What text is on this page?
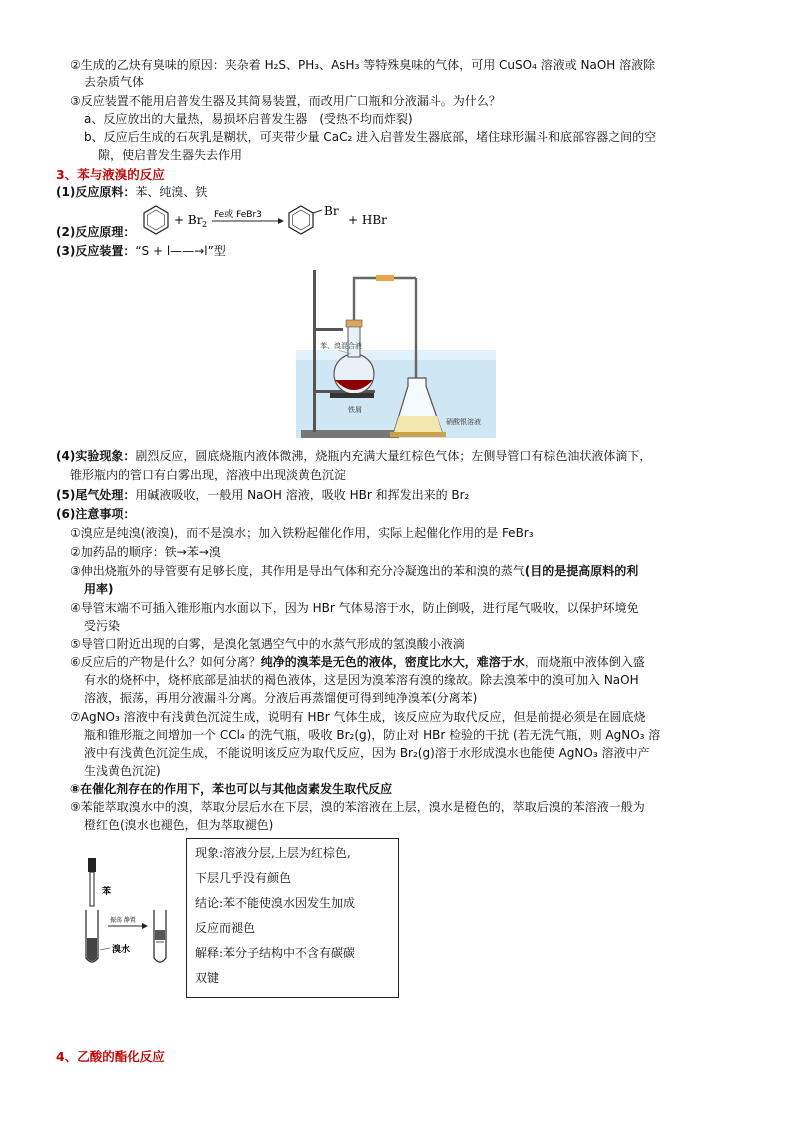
②生成的乙炔有臭味的原因：夹杂着 H₂S、PH₃、AsH₃ 等特殊臭味的气体，可用 CuSO₄ 溶液或 NaOH 溶液除
去杂质气体
③反应装置不能用启普发生器及其简易装置，而改用广口瓶和分液漏斗。为什么？
a、反应放出的大量热，易损坏启普发生器　(受热不均而炸裂)
b、反应后生成的石灰乳是糊状，可夹带少量 CaC₂ 进入启普发生器底部，堵住球形漏斗和底部容器之间的空
隙，使启普发生器失去作用
3、苯与液溴的反应
(1)反应原料：苯、纯溴、铁
(2)反应原理：
+ Br 2
Fe或 FeBr3	Br
+ HBr
(3)反应装置：“S + l——→l”型
苯、溴混合液
铁屑
硝酸银溶液
(4)实验现象：剧烈反应，圆底烧瓶内液体微沸，烧瓶内充满大量红棕色气体；左侧导管口有棕色油状液体滴下，
锥形瓶内的管口有白雾出现，溶液中出现淡黄色沉淀
(5)尾气处理：用碱液吸收，一般用 NaOH 溶液，吸收 HBr 和挥发出来的 Br₂
(6)注意事项：
①溴应是纯溴(液溴)，而不是溴水；加入铁粉起催化作用，实际上起催化作用的是 FeBr₃
②加药品的顺序：铁→苯→溴
③伸出烧瓶外的导管要有足够长度，其作用是导出气体和充分冷凝逸出的苯和溴的蒸气(目的是提高原料的利
用率)
④导管末端不可插入锥形瓶内水面以下，因为 HBr 气体易溶于水，防止倒吸，进行尾气吸收，以保护环境免
受污染
⑤导管口附近出现的白雾，是溴化氢遇空气中的水蒸气形成的氢溴酸小液滴
⑥反应后的产物是什么？如何分离？纯净的溴苯是无色的液体，密度比水大，难溶于水，而烧瓶中液体倒入盛
有水的烧杯中，烧杯底部是油状的褐色液体，这是因为溴苯溶有溴的缘故。除去溴苯中的溴可加入 NaOH
溶液，振荡，再用分液漏斗分离。分液后再蒸馏便可得到纯净溴苯(分离苯)
⑦AgNO₃ 溶液中有浅黄色沉淀生成，说明有 HBr 气体生成，该反应应为取代反应，但是前提必须是在圆底烧
瓶和锥形瓶之间增加一个 CCl₄ 的洗气瓶，吸收 Br₂(g)，防止对 HBr 检验的干扰 (若无洗气瓶，则 AgNO₃ 溶
液中有浅黄色沉淀生成，不能说明该反应为取代反应，因为 Br₂(g)溶于水形成溴水也能使 AgNO₃ 溶液中产
生浅黄色沉淀)
⑧在催化剂存在的作用下，苯也可以与其他卤素发生取代反应
⑨苯能萃取溴水中的溴，萃取分层后水在下层，溴的苯溶液在上层，溴水是橙色的，萃取后溴的苯溶液一般为
橙红色(溴水也褪色，但为萃取褪色)
苯
溴水
振荡 静置
现象:溶液分层,上层为红棕色,
下层几乎没有颜色
结论:苯不能使溴水因发生加成
反应而褪色
解释:苯分子结构中不含有碳碳
双键
4、乙酸的酯化反应
